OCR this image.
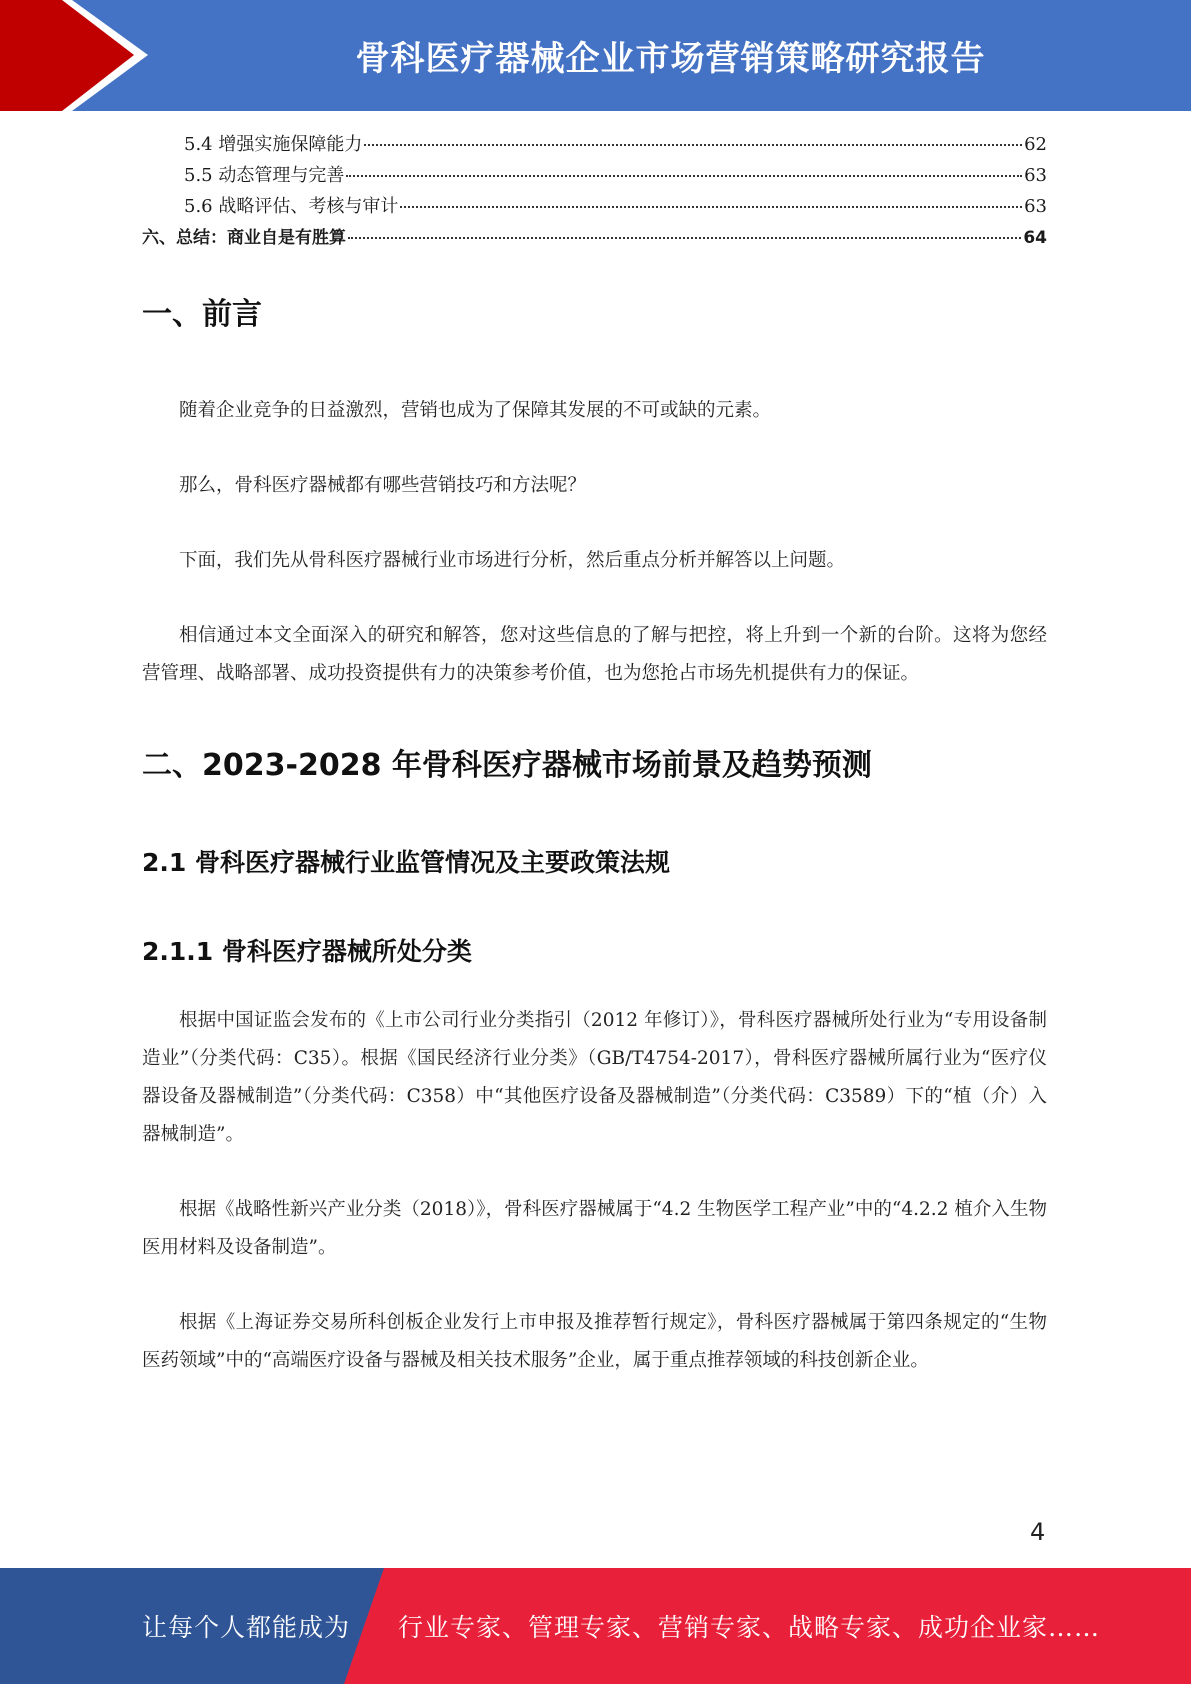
骨科医疗器械企业市场营销策略研究报告
5.4 增强实施保障能力	62
5.5 动态管理与完善	63
5.6 战略评估、考核与审计	63
六、总结：商业自是有胜算	64
一、前言

随着企业竞争的日益激烈，营销也成为了保障其发展的不可或缺的元素。

那么，骨科医疗器械都有哪些营销技巧和方法呢？

下面，我们先从骨科医疗器械行业市场进行分析，然后重点分析并解答以上问题。

相信通过本文全面深入的研究和解答，您对这些信息的了解与把控，将上升到一个新的台阶。这将为您经营管理、战略部署、成功投资提供有力的决策参考价值，也为您抢占市场先机提供有力的保证。

二、2023-2028 年骨科医疗器械市场前景及趋势预测
2.1 骨科医疗器械行业监管情况及主要政策法规
2.1.1 骨科医疗器械所处分类

根据中国证监会发布的《上市公司行业分类指引（2012 年修订）》，骨科医疗器械所处行业为“专用设备制造业”（分类代码：C35）。根据《国民经济行业分类》（GB/T4754-2017），骨科医疗器械所属行业为“医疗仪器设备及器械制造”（分类代码：C358）中“其他医疗设备及器械制造”（分类代码：C3589）下的“植（介）入器械制造”。

根据《战略性新兴产业分类（2018）》，骨科医疗器械属于“4.2 生物医学工程产业”中的“4.2.2 植介入生物医用材料及设备制造”。

根据《上海证券交易所科创板企业发行上市申报及推荐暂行规定》，骨科医疗器械属于第四条规定的“生物医药领域”中的“高端医疗设备与器械及相关技术服务”企业，属于重点推荐领域的科技创新企业。

4
让每个人都能成为 行业专家、管理专家、营销专家、战略专家、成功企业家……
